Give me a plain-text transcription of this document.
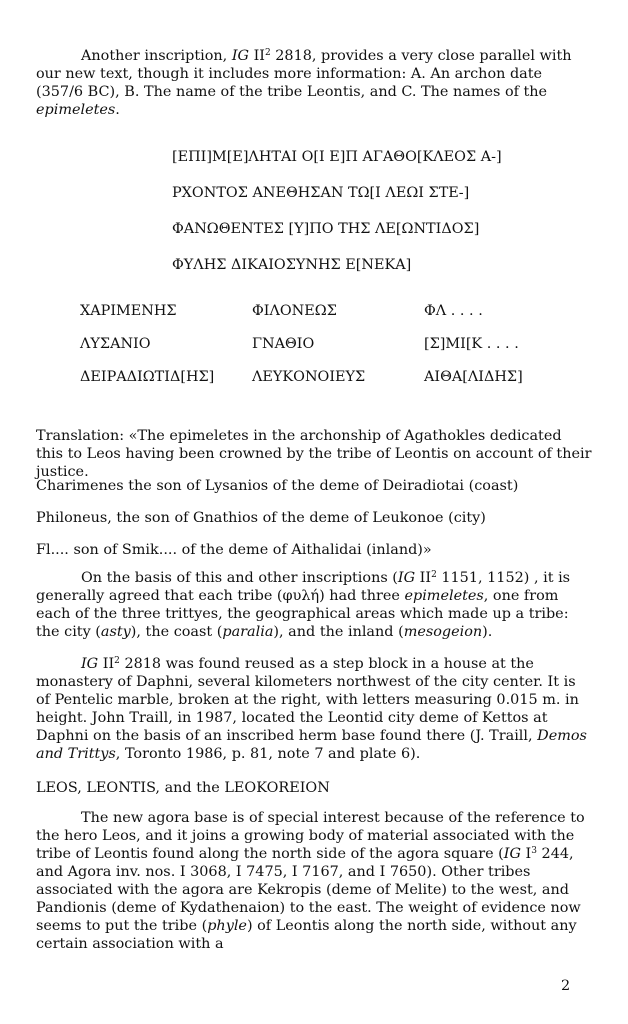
Another inscription, IG $II^2$ 2818, provides a very close parallel with our new text, though it includes more information: A. An archon date (357/6 BC), B. The name of the tribe Leontis, and C. The names of the epimeletes.

[ΕΠΙ]Μ[Ε]ΛΗΤΑΙ Ο[Ι Ε]Π ΑΓΑΘΟ[ΚΛΕΟΣ Α-]
ΡΧΟΝΤΟΣ ΑΝΕΘΗΣΑΝ ΤΩ[Ι ΛΕΩΙ ΣΤΕ-]
ΦΑΝΩΘΕΝΤΕΣ [Υ]ΠΟ ΤΗΣ ΛΕ[ΩΝΤΙΔΟΣ]
ΦΥΛΗΣ ΔΙΚΑΙΟΣΥΝΗΣ Ε[ΝΕΚΑ]
ΧΑΡΙΜΕΝΗΣ
ΛΥΣΑΝΙΟ
ΔΕΙΡΑΔΙΩΤΙΔ[ΗΣ]
ΦΙΛΟΝΕΩΣ
ΓΝΑΘΙΟ
ΛΕΥΚΟΝΟΙΕΥΣ
ΦΛ . . . .
[Σ]ΜΙ[Κ . . . .
ΑΙΘΑ[ΛΙΔΗΣ]

Translation: «The epimeletes in the archonship of Agathokles dedicated this to Leos having been crowned by the tribe of Leontis on account of their justice.

Charimenes the son of Lysanios of the deme of Deiradiotai (coast)

Philoneus, the son of Gnathios of the deme of Leukonoe (city)

Fl.... son of Smik.... of the deme of Aithalidai (inland)»

On the basis of this and other inscriptions (IG $II^2$ 1151, 1152) , it is generally agreed that each tribe (φυλή) had three epimeletes, one from each of the three trittyes, the geographical areas which made up a tribe: the city (asty), the coast (paralia), and the inland (mesogeion).

IG $II^2$ 2818 was found reused as a step block in a house at the monastery of Daphni, several kilometers northwest of the city center. It is of Pentelic marble, broken at the right, with letters measuring 0.015 m. in height. John Traill, in 1987, located the Leontid city deme of Kettos at Daphni on the basis of an inscribed herm base found there (J. Traill, Demos and Trittys, Toronto 1986, p. 81, note 7 and plate 6).

LEOS, LEONTIS, and the LEOKOREION

The new agora base is of special interest because of the reference to the hero Leos, and it joins a growing body of material associated with the tribe of Leontis found along the north side of the agora square (IG $I^3$ 244, and Agora inv. nos. I 3068, I 7475, I 7167, and I 7650). Other tribes associated with the agora are Kekropis (deme of Melite) to the west, and Pandionis (deme of Kydathenaion) to the east. The weight of evidence now seems to put the tribe (phyle) of Leontis along the north side, without any certain association with a

2
